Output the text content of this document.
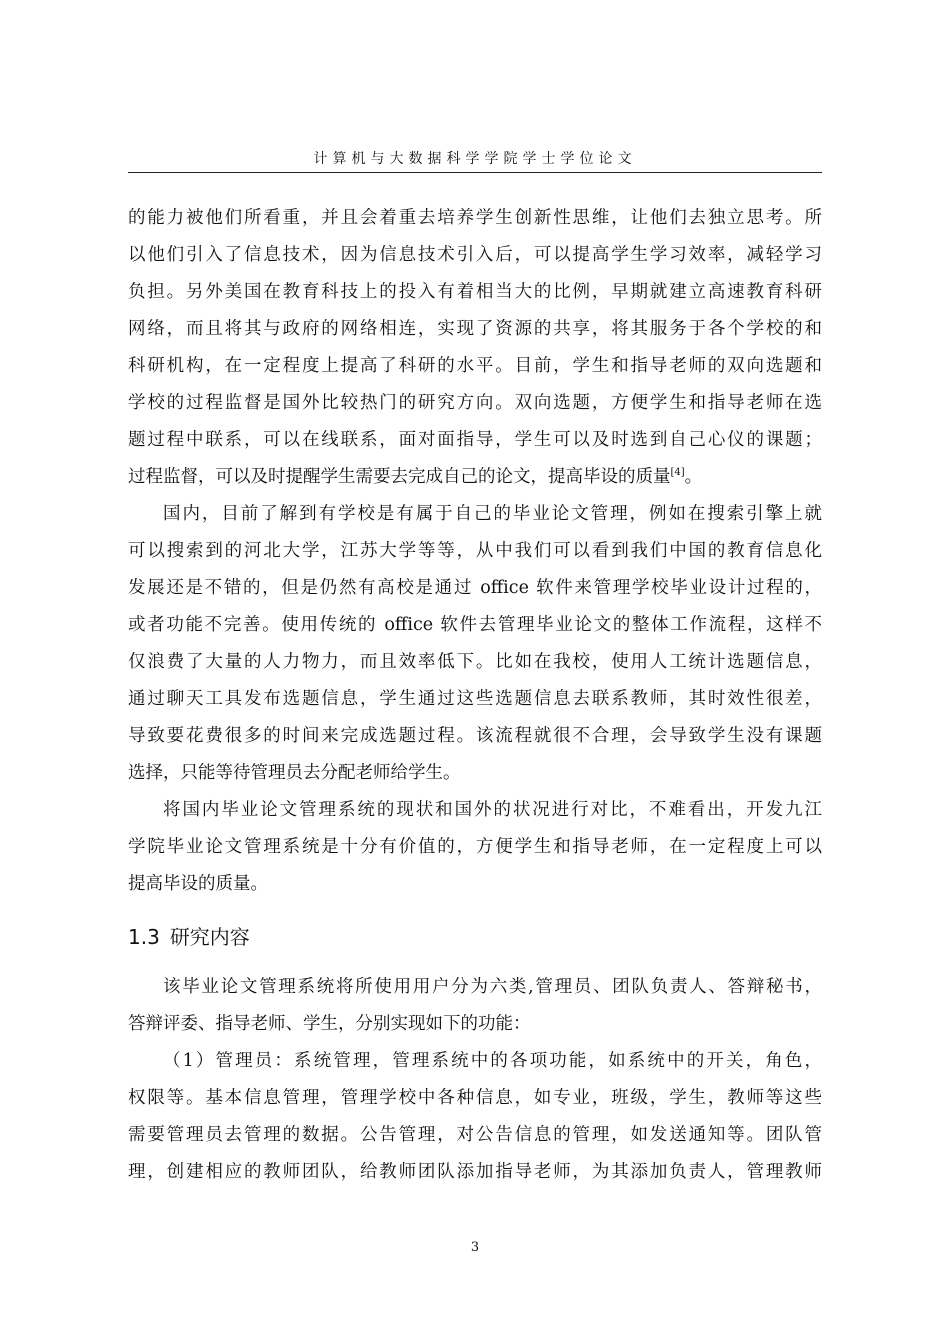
计算机与大数据科学学院学士学位论文

的能力被他们所看重，并且会着重去培养学生创新性思维，让他们去独立思考。所
以他们引入了信息技术，因为信息技术引入后，可以提高学生学习效率，减轻学习
负担。另外美国在教育科技上的投入有着相当大的比例，早期就建立高速教育科研
网络，而且将其与政府的网络相连，实现了资源的共享，将其服务于各个学校的和
科研机构，在一定程度上提高了科研的水平。目前，学生和指导老师的双向选题和
学校的过程监督是国外比较热门的研究方向。双向选题，方便学生和指导老师在选
题过程中联系，可以在线联系，面对面指导，学生可以及时选到自己心仪的课题；
过程监督，可以及时提醒学生需要去完成自己的论文，提高毕设的质量[4]。

国内，目前了解到有学校是有属于自己的毕业论文管理，例如在搜索引擎上就
可以搜索到的河北大学，江苏大学等等，从中我们可以看到我们中国的教育信息化
发展还是不错的，但是仍然有高校是通过 office 软件来管理学校毕业设计过程的，
或者功能不完善。使用传统的 office 软件去管理毕业论文的整体工作流程，这样不
仅浪费了大量的人力物力，而且效率低下。比如在我校，使用人工统计选题信息，
通过聊天工具发布选题信息，学生通过这些选题信息去联系教师，其时效性很差，
导致要花费很多的时间来完成选题过程。该流程就很不合理，会导致学生没有课题
选择，只能等待管理员去分配老师给学生。

将国内毕业论文管理系统的现状和国外的状况进行对比，不难看出，开发九江
学院毕业论文管理系统是十分有价值的，方便学生和指导老师，在一定程度上可以
提高毕设的质量。

1.3 研究内容

该毕业论文管理系统将所使用用户分为六类,管理员、团队负责人、答辩秘书，
答辩评委、指导老师、学生，分别实现如下的功能：

（1）管理员：系统管理，管理系统中的各项功能，如系统中的开关，角色，
权限等。基本信息管理，管理学校中各种信息，如专业，班级，学生，教师等这些
需要管理员去管理的数据。公告管理，对公告信息的管理，如发送通知等。团队管
理，创建相应的教师团队，给教师团队添加指导老师，为其添加负责人，管理教师

3
